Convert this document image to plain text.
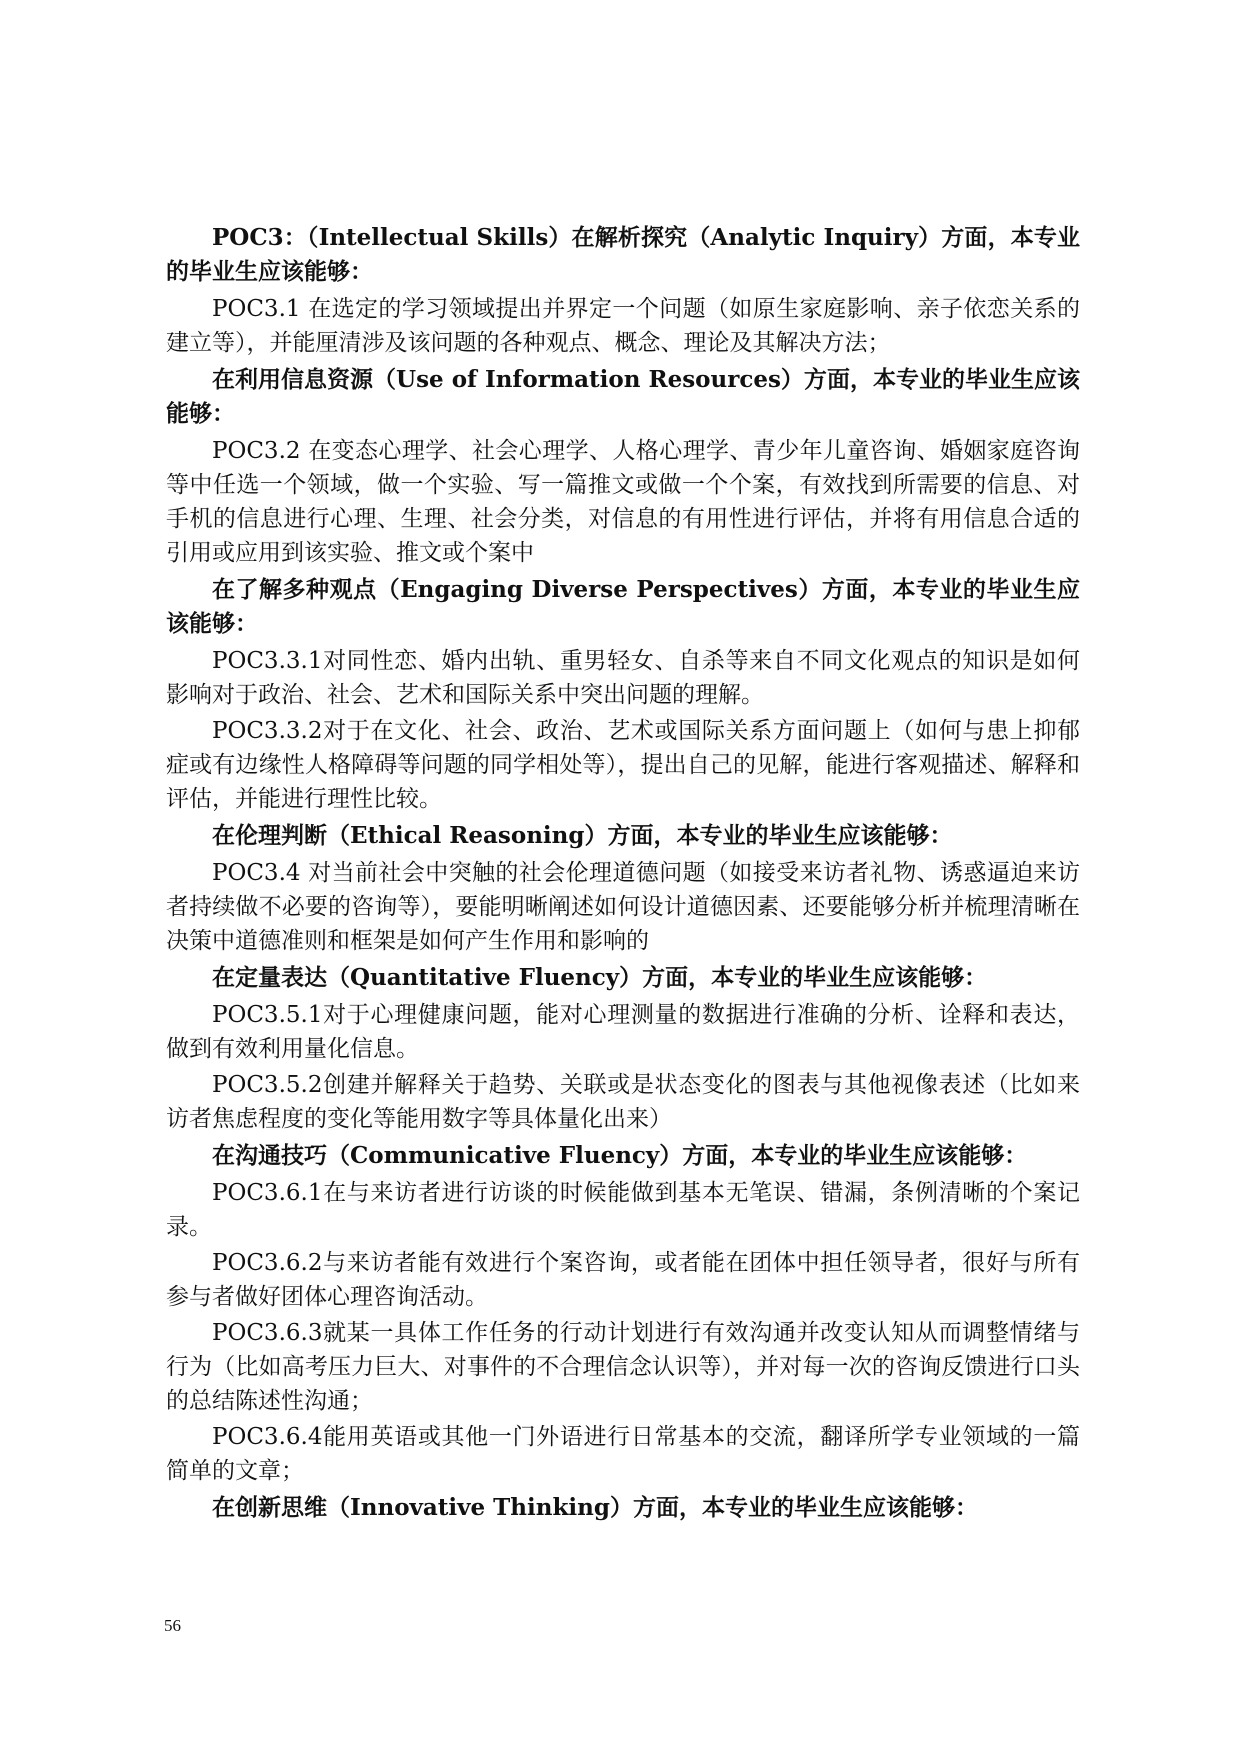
POC3：（Intellectual Skills）在解析探究（Analytic Inquiry）方面，本专业的毕业生应该能够：

POC3.1 在选定的学习领域提出并界定一个问题（如原生家庭影响、亲子依恋关系的建立等），并能厘清涉及该问题的各种观点、概念、理论及其解决方法；

在利用信息资源（Use of Information Resources）方面，本专业的毕业生应该能够：

POC3.2 在变态心理学、社会心理学、人格心理学、青少年儿童咨询、婚姻家庭咨询等中任选一个领域，做一个实验、写一篇推文或做一个个案，有效找到所需要的信息、对手机的信息进行心理、生理、社会分类，对信息的有用性进行评估，并将有用信息合适的引用或应用到该实验、推文或个案中

在了解多种观点（Engaging Diverse Perspectives）方面，本专业的毕业生应该能够：

POC3.3.1对同性恋、婚内出轨、重男轻女、自杀等来自不同文化观点的知识是如何影响对于政治、社会、艺术和国际关系中突出问题的理解。

POC3.3.2对于在文化、社会、政治、艺术或国际关系方面问题上（如何与患上抑郁症或有边缘性人格障碍等问题的同学相处等），提出自己的见解，能进行客观描述、解释和评估，并能进行理性比较。

在伦理判断（Ethical Reasoning）方面，本专业的毕业生应该能够：

POC3.4 对当前社会中突触的社会伦理道德问题（如接受来访者礼物、诱惑逼迫来访者持续做不必要的咨询等），要能明晰阐述如何设计道德因素、还要能够分析并梳理清晰在决策中道德准则和框架是如何产生作用和影响的

在定量表达（Quantitative Fluency）方面，本专业的毕业生应该能够：

POC3.5.1对于心理健康问题，能对心理测量的数据进行准确的分析、诠释和表达，做到有效利用量化信息。

POC3.5.2创建并解释关于趋势、关联或是状态变化的图表与其他视像表述（比如来访者焦虑程度的变化等能用数字等具体量化出来）

在沟通技巧（Communicative Fluency）方面，本专业的毕业生应该能够：

POC3.6.1在与来访者进行访谈的时候能做到基本无笔误、错漏，条例清晰的个案记录。

POC3.6.2与来访者能有效进行个案咨询，或者能在团体中担任领导者，很好与所有参与者做好团体心理咨询活动。

POC3.6.3就某一具体工作任务的行动计划进行有效沟通并改变认知从而调整情绪与行为（比如高考压力巨大、对事件的不合理信念认识等），并对每一次的咨询反馈进行口头的总结陈述性沟通；

POC3.6.4能用英语或其他一门外语进行日常基本的交流，翻译所学专业领域的一篇简单的文章；

在创新思维（Innovative Thinking）方面，本专业的毕业生应该能够：

56
